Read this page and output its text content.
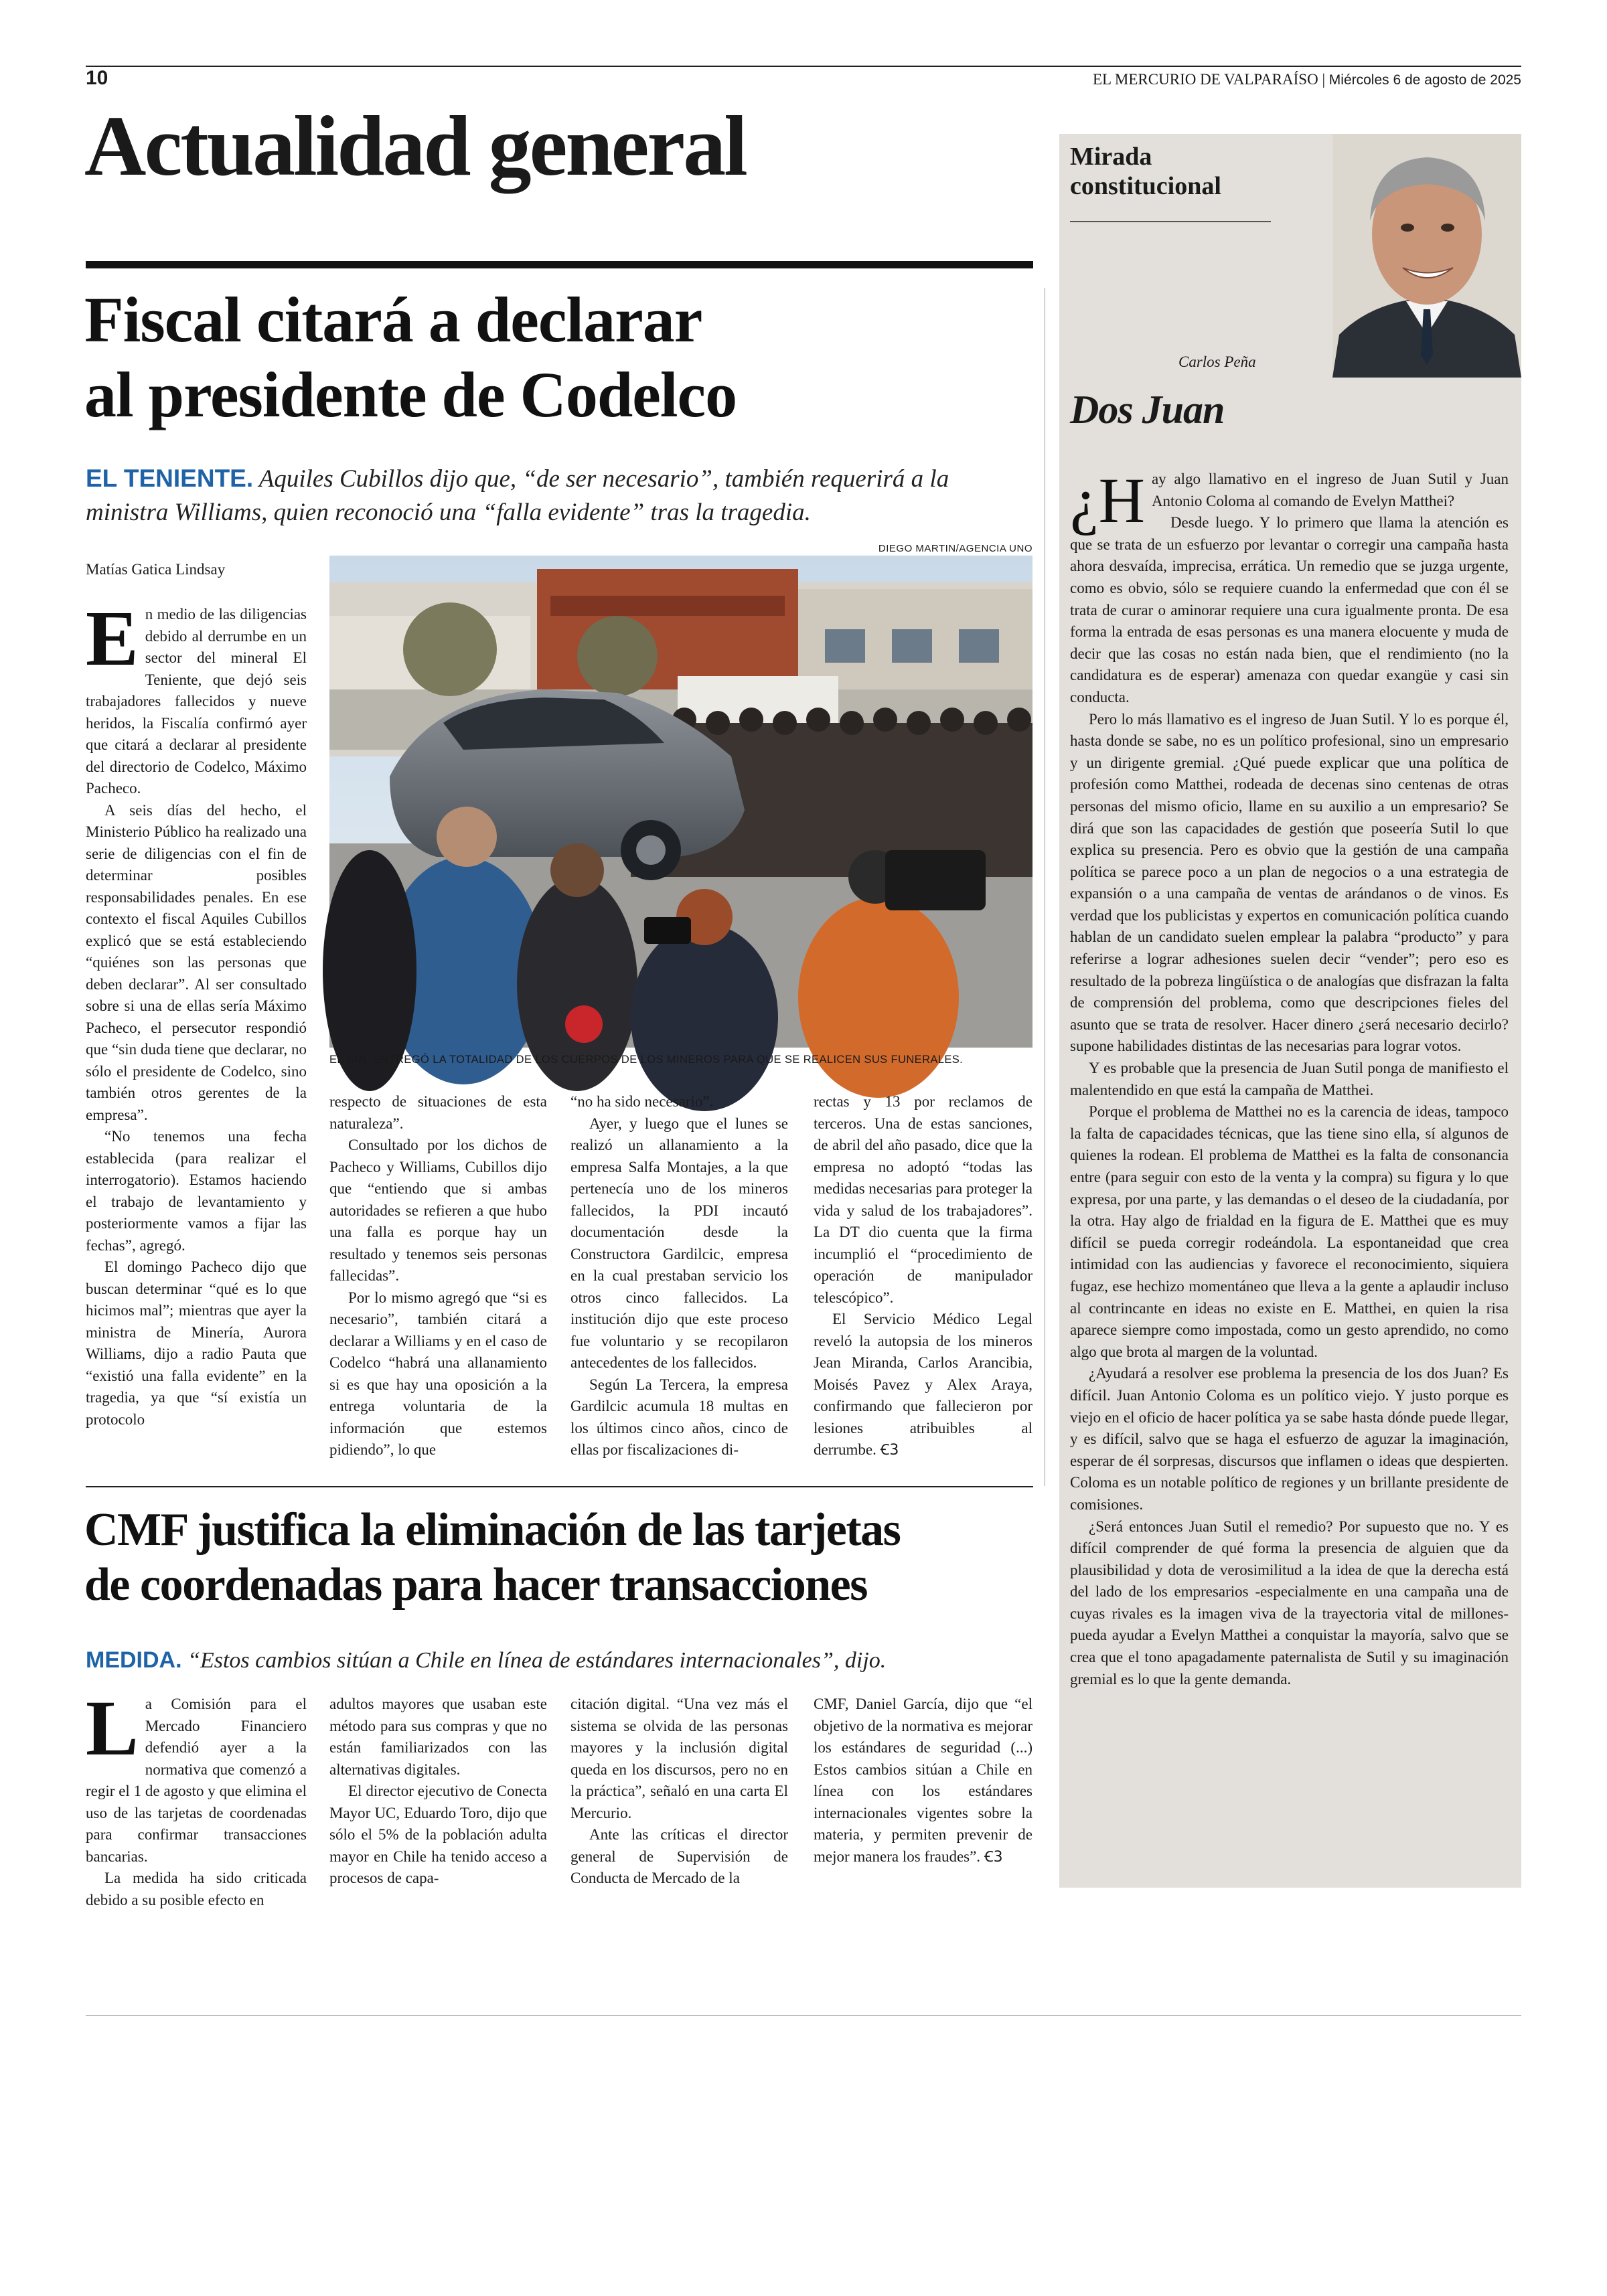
10	EL MERCURIO DE VALPARAÍSO | Miércoles 6 de agosto de 2025
Actualidad general
Fiscal citará a declarar
al presidente de Codelco
EL TENIENTE. Aquiles Cubillos dijo que, “de ser necesario”, también requerirá a la ministra Williams, quien reconoció una “falla evidente” tras la tragedia.
Matías Gatica Lindsay
DIEGO MARTIN/AGENCIA UNO
EL SML ENTREGÓ LA TOTALIDAD DE LOS CUERPOS DE LOS MINEROS PARA QUE SE REALICEN SUS FUNERALES.

En medio de las diligencias debido al derrumbe en un sector del mineral El Teniente, que dejó seis trabajadores fallecidos y nueve heridos, la Fiscalía confirmó ayer que citará a declarar al presidente del directorio de Codelco, Máximo Pacheco.

A seis días del hecho, el Ministerio Público ha realizado una serie de diligencias con el fin de determinar posibles responsabilidades penales. En ese contexto el fiscal Aquiles Cubillos explicó que se está estableciendo “quiénes son las personas que deben declarar”. Al ser consultado sobre si una de ellas sería Máximo Pacheco, el persecutor respondió que “sin duda tiene que declarar, no sólo el presidente de Codelco, sino también otros gerentes de la empresa”.

“No tenemos una fecha establecida (para realizar el interrogatorio). Estamos haciendo el trabajo de levantamiento y posteriormente vamos a fijar las fechas”, agregó.

El domingo Pacheco dijo que buscan determinar “qué es lo que hicimos mal”; mientras que ayer la ministra de Minería, Aurora Williams, dijo a radio Pauta que “existió una falla evidente” en la tragedia, ya que “sí existía un protocolo

respecto de situaciones de esta naturaleza”.

Consultado por los dichos de Pacheco y Williams, Cubillos dijo que “entiendo que si ambas autoridades se refieren a que hubo una falla es porque hay un resultado y tenemos seis personas fallecidas”.

Por lo mismo agregó que “si es necesario”, también citará a declarar a Williams y en el caso de Codelco “habrá una allanamiento si es que hay una oposición a la entrega voluntaria de la información que estemos pidiendo”, lo que

“no ha sido necesario”.

Ayer, y luego que el lunes se realizó un allanamiento a la empresa Salfa Montajes, a la que pertenecía uno de los mineros fallecidos, la PDI incautó documentación desde la Constructora Gardilcic, empresa en la cual prestaban servicio los otros cinco fallecidos. La institución dijo que este proceso fue voluntario y se recopilaron antecedentes de los fallecidos.

Según La Tercera, la empresa Gardilcic acumula 18 multas en los últimos cinco años, cinco de ellas por fiscalizaciones di-

rectas y 13 por reclamos de terceros. Una de estas sanciones, de abril del año pasado, dice que la empresa no adoptó “todas las medidas necesarias para proteger la vida y salud de los trabajadores”. La DT dio cuenta que la firma incumplió el “procedimiento de operación de manipulador telescópico”.

El Servicio Médico Legal reveló la autopsia de los mineros Jean Miranda, Carlos Arancibia, Moisés Pavez y Alex Araya, confirmando que fallecieron por lesiones atribuibles al derrumbe. Ꞓ3

CMF justifica la eliminación de las tarjetas
de coordenadas para hacer transacciones
MEDIDA. “Estos cambios sitúan a Chile en línea de estándares internacionales”, dijo.

La Comisión para el Mercado Financiero defendió ayer a la normativa que comenzó a regir el 1 de agosto y que elimina el uso de las tarjetas de coordenadas para confirmar transacciones bancarias.

La medida ha sido criticada debido a su posible efecto en

adultos mayores que usaban este método para sus compras y que no están familiarizados con las alternativas digitales.

El director ejecutivo de Conecta Mayor UC, Eduardo Toro, dijo que sólo el 5% de la población adulta mayor en Chile ha tenido acceso a procesos de capa-

citación digital. “Una vez más el sistema se olvida de las personas mayores y la inclusión digital queda en los discursos, pero no en la práctica”, señaló en una carta El Mercurio.

Ante las críticas el director general de Supervisión de Conducta de Mercado de la

CMF, Daniel García, dijo que “el objetivo de la normativa es mejorar los estándares de seguridad (...) Estos cambios sitúan a Chile en línea con los estándares internacionales vigentes sobre la materia, y permiten prevenir de mejor manera los fraudes”. Ꞓ3

Mirada
constitucional
Carlos Peña
Dos Juan

¿H ay algo llamativo en el ingreso de Juan Sutil y Juan Antonio Coloma al comando de Evelyn Matthei?

Desde luego. Y lo primero que llama la atención es que se trata de un esfuerzo por levantar o corregir una campaña hasta ahora desvaída, imprecisa, errática. Un remedio que se juzga urgente, como es obvio, sólo se requiere cuando la enfermedad que con él se trata de curar o aminorar requiere una cura igualmente pronta. De esa forma la entrada de esas personas es una manera elocuente y muda de decir que las cosas no están nada bien, que el rendimiento (no la candidatura es de esperar) amenaza con quedar exangüe y casi sin conducta.

Pero lo más llamativo es el ingreso de Juan Sutil. Y lo es porque él, hasta donde se sabe, no es un político profesional, sino un empresario y un dirigente gremial. ¿Qué puede explicar que una política de profesión como Matthei, rodeada de decenas sino centenas de otras personas del mismo oficio, llame en su auxilio a un empresario? Se dirá que son las capacidades de gestión que poseería Sutil lo que explica su presencia. Pero es obvio que la gestión de una campaña política se parece poco a un plan de negocios o a una estrategia de expansión o a una campaña de ventas de arándanos o de vinos. Es verdad que los publicistas y expertos en comunicación política cuando hablan de un candidato suelen emplear la palabra “producto” y para referirse a lograr adhesiones suelen decir “vender”; pero eso es resultado de la pobreza lingüística o de analogías que disfrazan la falta de comprensión del problema, como que descripciones fieles del asunto que se trata de resolver. Hacer dinero ¿será necesario decirlo? supone habilidades distintas de las necesarias para lograr votos.

Y es probable que la presencia de Juan Sutil ponga de manifiesto el malentendido en que está la campaña de Matthei.

Porque el problema de Matthei no es la carencia de ideas, tampoco la falta de capacidades técnicas, que las tiene sino ella, sí algunos de quienes la rodean. El problema de Matthei es la falta de consonancia entre (para seguir con esto de la venta y la compra) su figura y lo que expresa, por una parte, y las demandas o el deseo de la ciudadanía, por la otra. Hay algo de frialdad en la figura de E. Matthei que es muy difícil se pueda corregir rodeándola. La espontaneidad que crea intimidad con las audiencias y favorece el reconocimiento, siquiera fugaz, ese hechizo momentáneo que lleva a la gente a aplaudir incluso al contrincante en ideas no existe en E. Matthei, en quien la risa aparece siempre como impostada, como un gesto aprendido, no como algo que brota al margen de la voluntad.

¿Ayudará a resolver ese problema la presencia de los dos Juan? Es difícil. Juan Antonio Coloma es un político viejo. Y justo porque es viejo en el oficio de hacer política ya se sabe hasta dónde puede llegar, y es difícil, salvo que se haga el esfuerzo de aguzar la imaginación, esperar de él sorpresas, discursos que inflamen o ideas que despierten. Coloma es un notable político de regiones y un brillante presidente de comisiones.

¿Será entonces Juan Sutil el remedio? Por supuesto que no. Y es difícil comprender de qué forma la presencia de alguien que da plausibilidad y dota de verosimilitud a la idea de que la derecha está del lado de los empresarios -especialmente en una campaña una de cuyas rivales es la imagen viva de la trayectoria vital de millones- pueda ayudar a Evelyn Matthei a conquistar la mayoría, salvo que se crea que el tono apagadamente paternalista de Sutil y su imaginación gremial es lo que la gente demanda.
